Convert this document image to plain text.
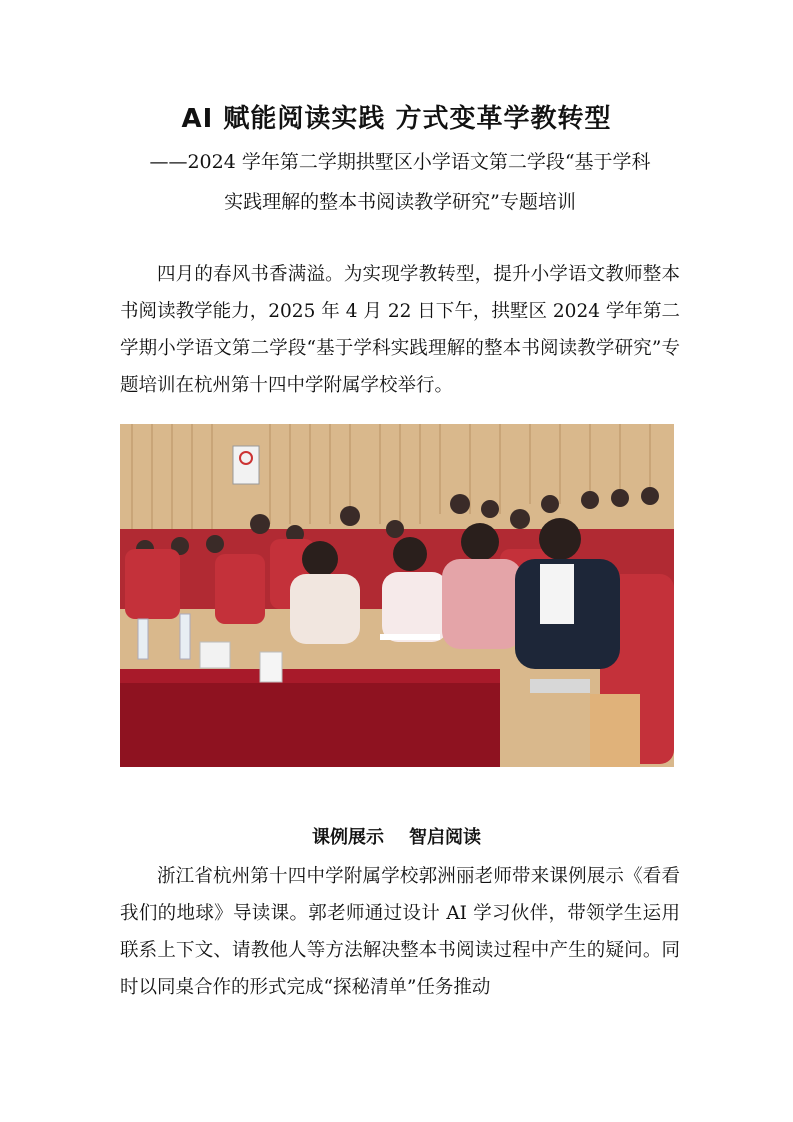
AI 赋能阅读实践 方式变革学教转型

——2024 学年第二学期拱墅区小学语文第二学段“基于学科

实践理解的整本书阅读教学研究”专题培训

四月的春风书香满溢。为实现学教转型，提升小学语文教师整本书阅读教学能力，2025 年 4 月 22 日下午，拱墅区 2024 学年第二学期小学语文第二学段“基于学科实践理解的整本书阅读教学研究”专题培训在杭州第十四中学附属学校举行。

课例展示    智启阅读

浙江省杭州第十四中学附属学校郭洲丽老师带来课例展示《看看我们的地球》导读课。郭老师通过设计 AI 学习伙伴，带领学生运用联系上下文、请教他人等方法解决整本书阅读过程中产生的疑问。同时以同桌合作的形式完成“探秘清单”任务推动
